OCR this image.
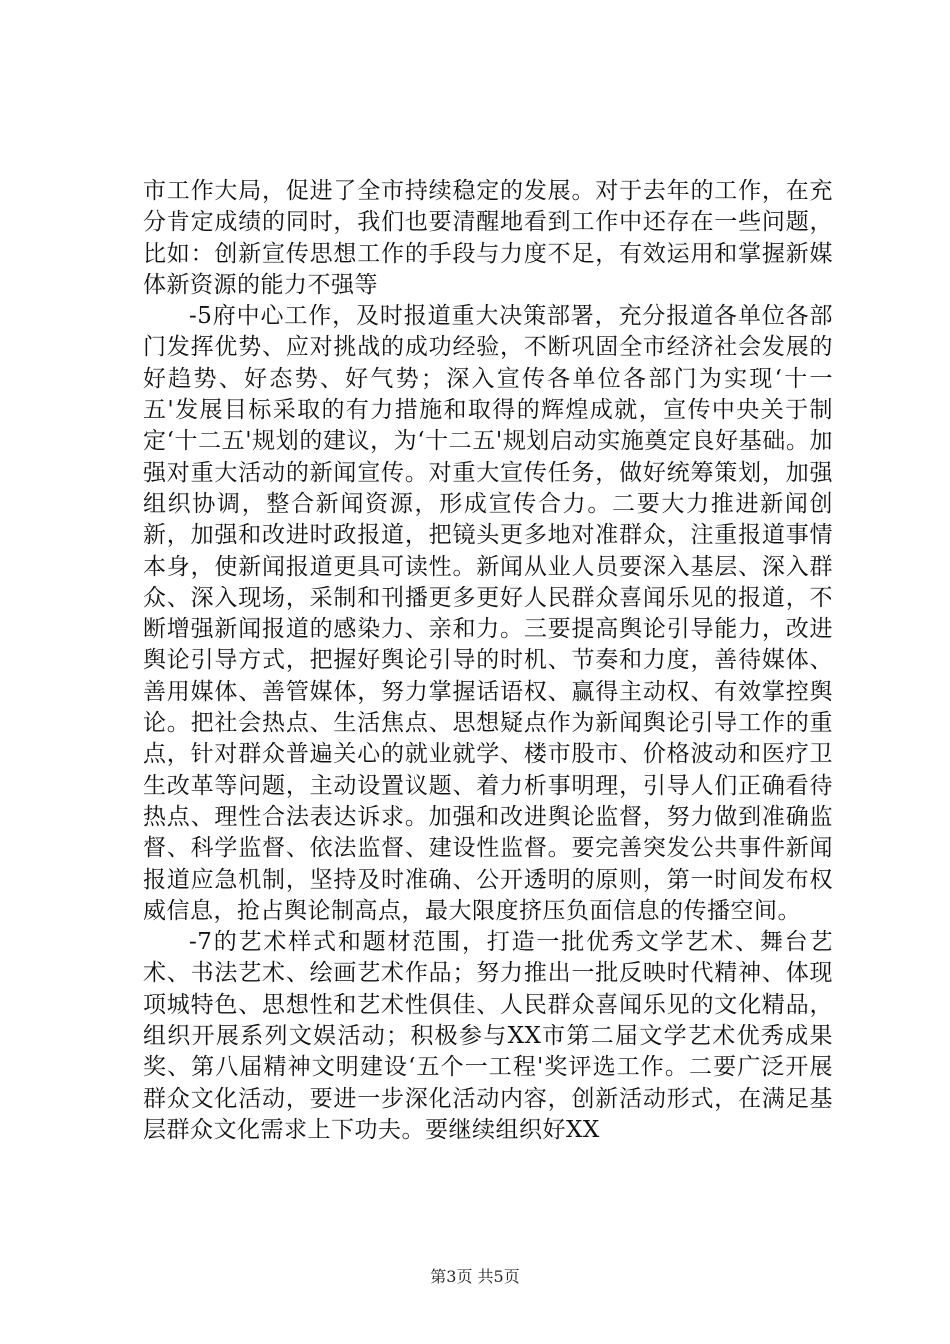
市工作大局，促进了全市持续稳定的发展。对于去年的工作，在充分肯定成绩的同时，我们也要清醒地看到工作中还存在一些问题，比如：创新宣传思想工作的手段与力度不足，有效运用和掌握新媒体新资源的能力不强等

-5府中心工作，及时报道重大决策部署，充分报道各单位各部门发挥优势、应对挑战的成功经验，不断巩固全市经济社会发展的好趋势、好态势、好气势；深入宣传各单位各部门为实现‘十一五'发展目标采取的有力措施和取得的辉煌成就，宣传中央关于制定‘十二五'规划的建议，为‘十二五'规划启动实施奠定良好基础。加强对重大活动的新闻宣传。对重大宣传任务，做好统筹策划，加强组织协调，整合新闻资源，形成宣传合力。二要大力推进新闻创新，加强和改进时政报道，把镜头更多地对准群众，注重报道事情本身，使新闻报道更具可读性。新闻从业人员要深入基层、深入群众、深入现场，采制和刊播更多更好人民群众喜闻乐见的报道，不断增强新闻报道的感染力、亲和力。三要提高舆论引导能力，改进舆论引导方式，把握好舆论引导的时机、节奏和力度，善待媒体、善用媒体、善管媒体，努力掌握话语权、赢得主动权、有效掌控舆论。把社会热点、生活焦点、思想疑点作为新闻舆论引导工作的重点，针对群众普遍关心的就业就学、楼市股市、价格波动和医疗卫生改革等问题，主动设置议题、着力析事明理，引导人们正确看待热点、理性合法表达诉求。加强和改进舆论监督，努力做到准确监督、科学监督、依法监督、建设性监督。要完善突发公共事件新闻报道应急机制，坚持及时准确、公开透明的原则，第一时间发布权威信息，抢占舆论制高点，最大限度挤压负面信息的传播空间。

-7的艺术样式和题材范围，打造一批优秀文学艺术、舞台艺术、书法艺术、绘画艺术作品；努力推出一批反映时代精神、体现项城特色、思想性和艺术性俱佳、人民群众喜闻乐见的文化精品，组织开展系列文娱活动；积极参与XX市第二届文学艺术优秀成果奖、第八届精神文明建设‘五个一工程'奖评选工作。二要广泛开展群众文化活动，要进一步深化活动内容，创新活动形式，在满足基层群众文化需求上下功夫。要继续组织好XX

第3页 共5页
